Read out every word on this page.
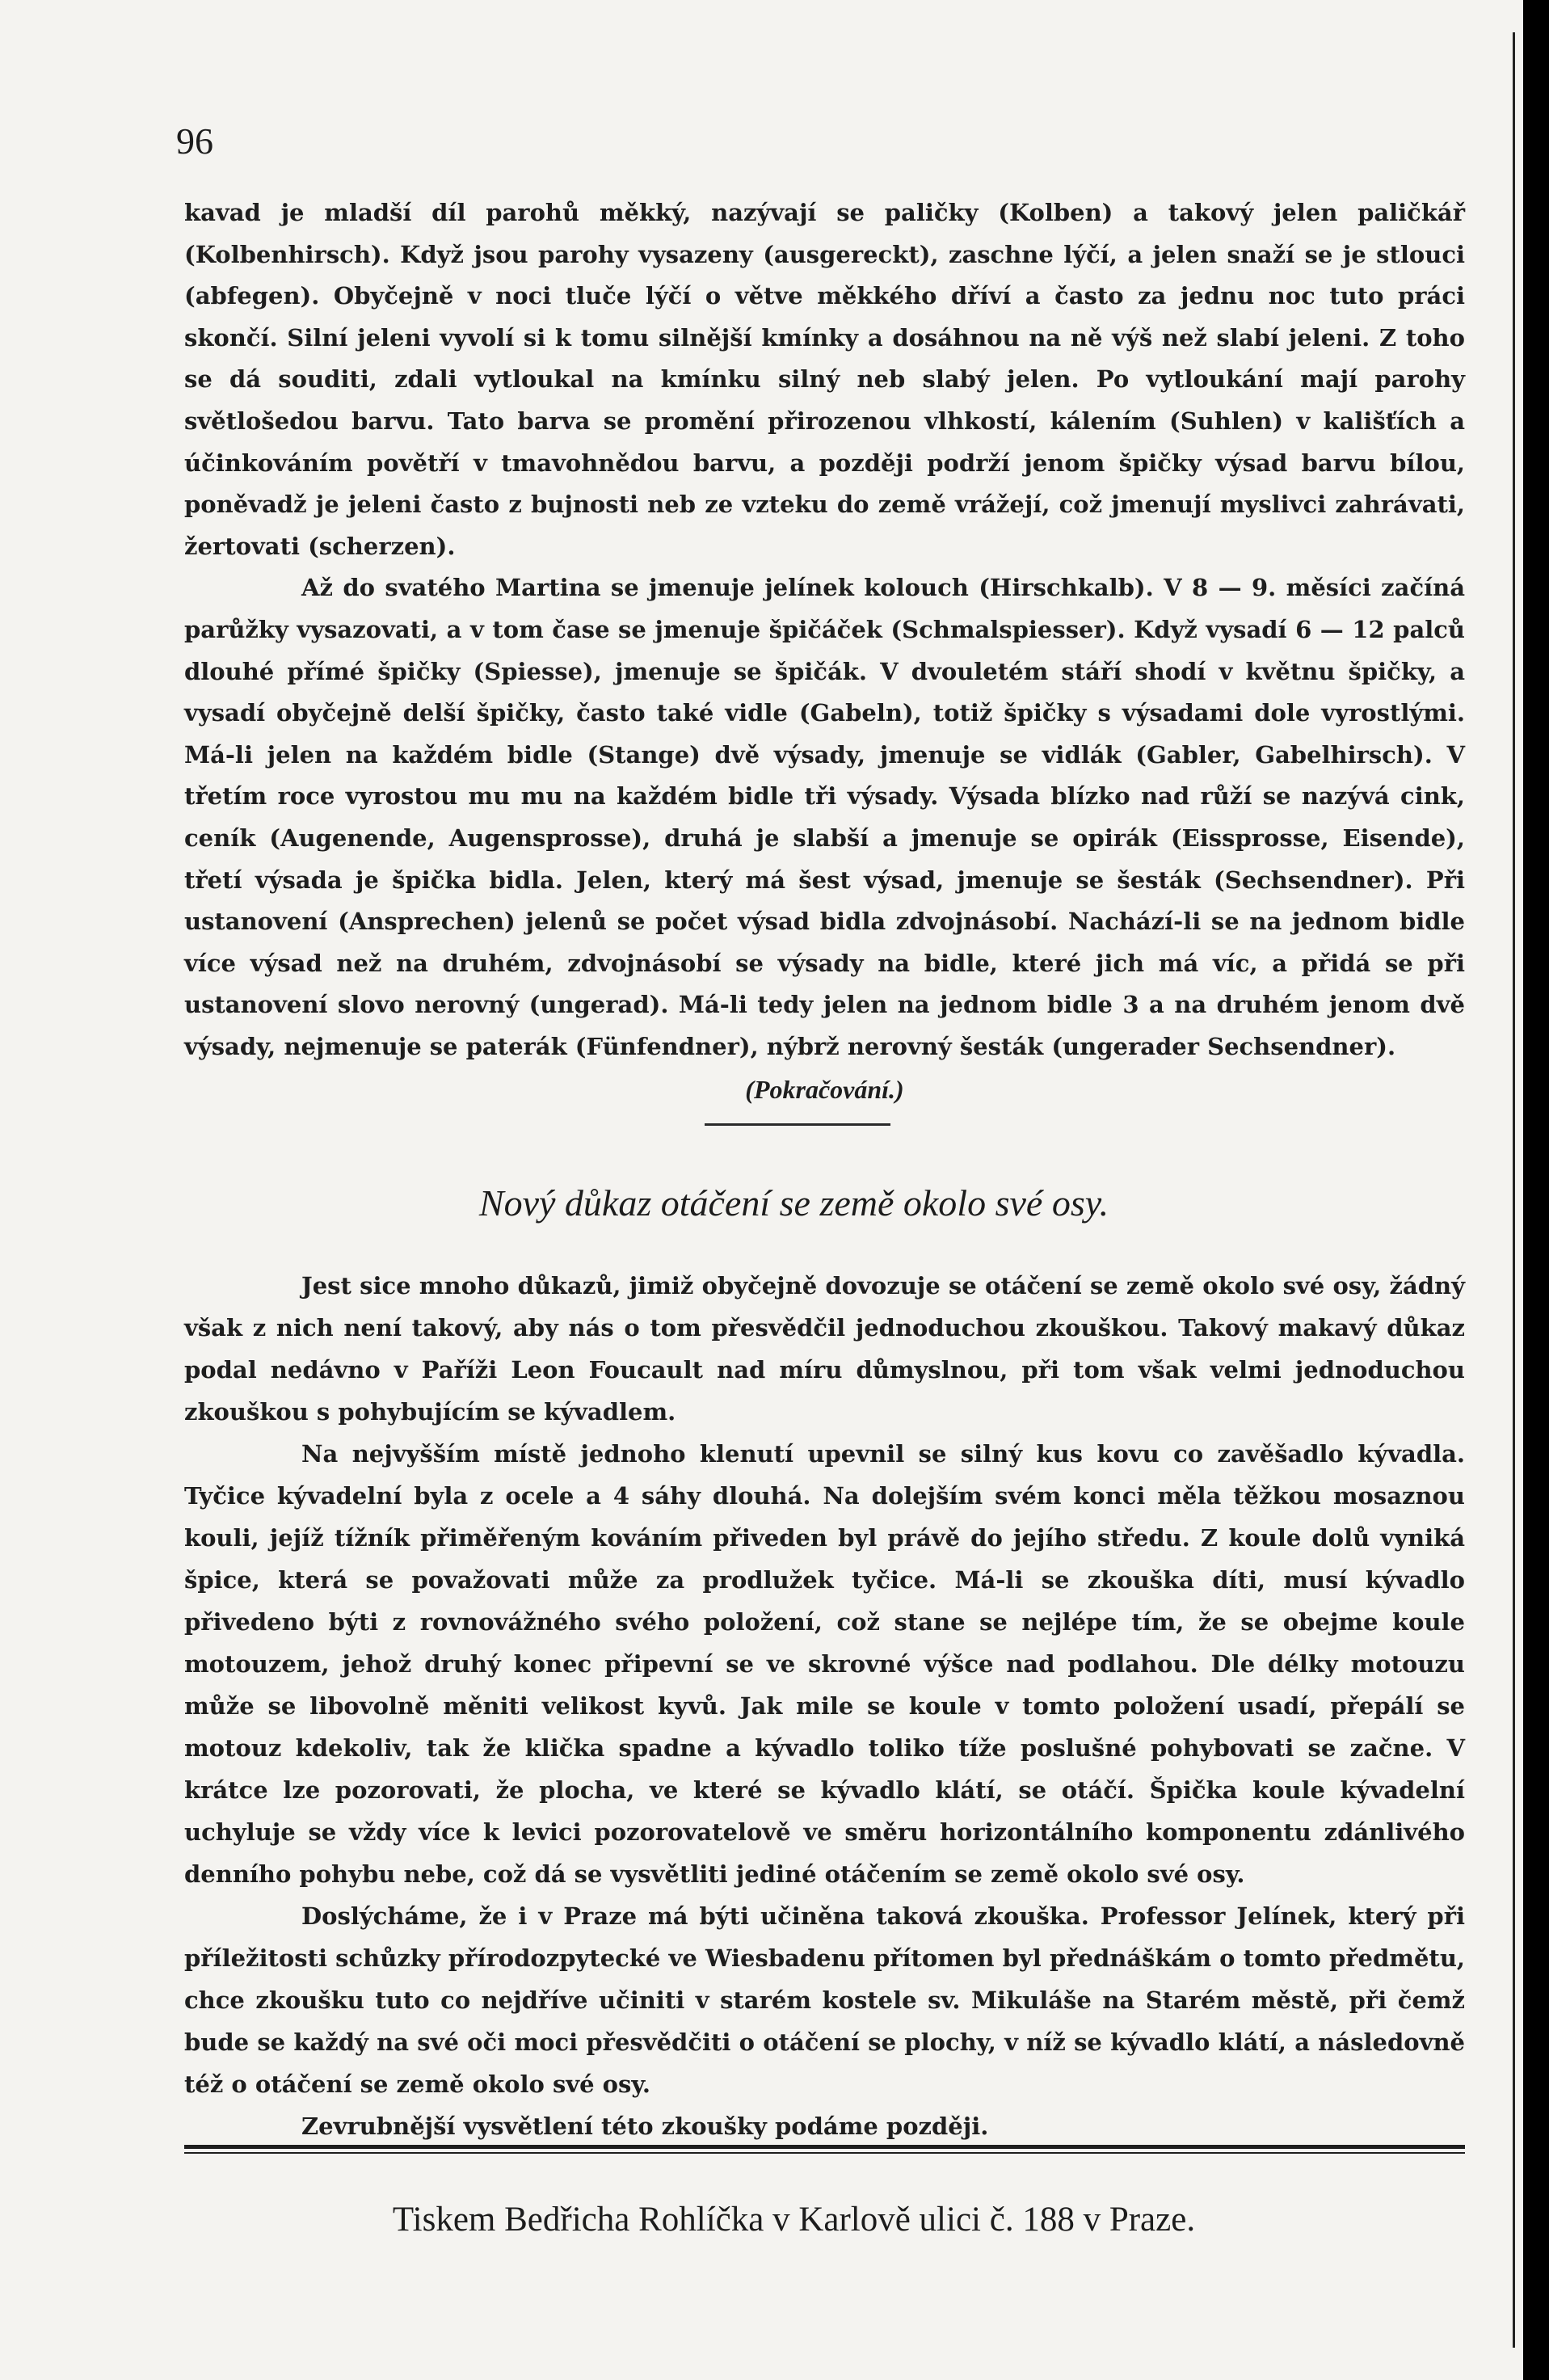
96

kavad je mladší díl parohů měkký, nazývají se paličky (Kolben) a takový jelen paličkář (Kolbenhirsch). Když jsou parohy vysazeny (ausgereckt), zaschne lýčí, a jelen snaží se je stlouci (abfegen). Obyčejně v noci tluče lýčí o větve měkkého dříví a často za jednu noc tuto práci skončí. Silní jeleni vyvolí si k tomu silnější kmínky a dosáhnou na ně výš než slabí jeleni. Z toho se dá souditi, zdali vytloukal na kmínku silný neb slabý jelen. Po vytloukání mají parohy světlošedou barvu. Tato barva se promění přirozenou vlhkostí, kálením (Suhlen) v kališťích a účinkováním povětří v tmavohnědou barvu, a později podrží jenom špičky výsad barvu bílou, poněvadž je jeleni často z bujnosti neb ze vzteku do země vrážejí, což jmenují myslivci zahrávati, žertovati (scherzen).

Až do svatého Martina se jmenuje jelínek kolouch (Hirschkalb). V 8 — 9. měsíci začíná parůžky vysazovati, a v tom čase se jmenuje špičáček (Schmalspiesser). Když vysadí 6 — 12 palců dlouhé přímé špičky (Spiesse), jmenuje se špičák. V dvouletém stáří shodí v květnu špičky, a vysadí obyčejně delší špičky, často také vidle (Gabeln), totiž špičky s výsadami dole vyrostlými. Má-li jelen na každém bidle (Stange) dvě výsady, jmenuje se vidlák (Gabler, Gabelhirsch). V třetím roce vyrostou mu mu na každém bidle tři výsady. Výsada blízko nad růží se nazývá cink, ceník (Augenende, Augensprosse), druhá je slabší a jmenuje se opirák (Eissprosse, Eisende), třetí výsada je špička bidla. Jelen, který má šest výsad, jmenuje se šesták (Sechsendner). Při ustanovení (Ansprechen) jelenů se počet výsad bidla zdvojnásobí. Nachází-li se na jednom bidle více výsad než na druhém, zdvojnásobí se výsady na bidle, které jich má víc, a přidá se při ustanovení slovo nerovný (ungerad). Má-li tedy jelen na jednom bidle 3 a na druhém jenom dvě výsady, nejmenuje se paterák (Fünfendner), nýbrž nerovný šesták (ungerader Sechsendner).

(Pokračování.)
Nový důkaz otáčení se země okolo své osy.

Jest sice mnoho důkazů, jimiž obyčejně dovozuje se otáčení se země okolo své osy, žádný však z nich není takový, aby nás o tom přesvědčil jednoduchou zkouškou. Takový makavý důkaz podal nedávno v Paříži Leon Foucault nad míru důmyslnou, při tom však velmi jednoduchou zkouškou s pohybujícím se kývadlem.

Na nejvyšším místě jednoho klenutí upevnil se silný kus kovu co zavěšadlo kývadla. Tyčice kývadelní byla z ocele a 4 sáhy dlouhá. Na dolejším svém konci měla těžkou mosaznou kouli, jejíž tížník přiměřeným kováním přiveden byl právě do jejího středu. Z koule dolů vyniká špice, která se považovati může za prodlužek tyčice. Má-li se zkouška díti, musí kývadlo přivedeno býti z rovnovážného svého položení, což stane se nejlépe tím, že se obejme koule motouzem, jehož druhý konec připevní se ve skrovné výšce nad podlahou. Dle délky motouzu může se libovolně měniti velikost kyvů. Jak mile se koule v tomto položení usadí, přepálí se motouz kdekoliv, tak že klička spadne a kývadlo toliko tíže poslušné pohybovati se začne. V krátce lze pozorovati, že plocha, ve které se kývadlo klátí, se otáčí. Špička koule kývadelní uchyluje se vždy více k levici pozorovatelově ve směru horizontálního komponentu zdánlivého denního pohybu nebe, což dá se vysvětliti jediné otáčením se země okolo své osy.

Doslýcháme, že i v Praze má býti učiněna taková zkouška. Professor Jelínek, který při příležitosti schůzky přírodozpytecké ve Wiesbadenu přítomen byl přednáškám o tomto předmětu, chce zkoušku tuto co nejdříve učiniti v starém kostele sv. Mikuláše na Starém městě, při čemž bude se každý na své oči moci přesvědčiti o otáčení se plochy, v níž se kývadlo klátí, a následovně též o otáčení se země okolo své osy.

Zevrubnější vysvětlení této zkoušky podáme později.

Tiskem Bedřicha Rohlíčka v Karlově ulici č. 188 v Praze.
